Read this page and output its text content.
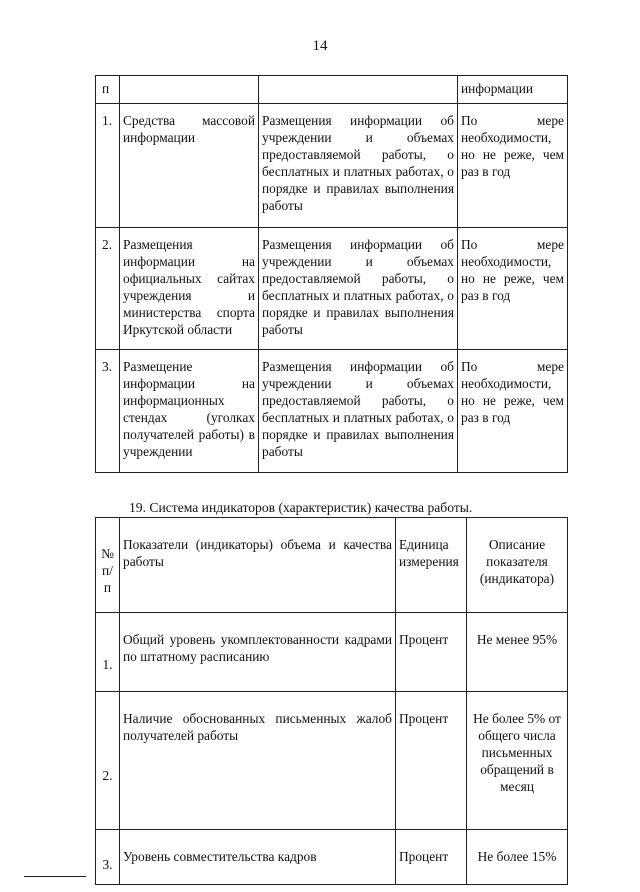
14
п			информации
1.	Средства массовой информации	Размещения информации об учреждении и объемах предоставляемой работы, о бесплатных и платных работах, о порядке и правилах выполнения работы	По мере необходимости, но не реже, чем раз в год
2.	Размещения информации на официальных сайтах учреждения и министерства спорта Иркутской области	Размещения информации об учреждении и объемах предоставляемой работы, о бесплатных и платных работах, о порядке и правилах выполнения работы	По мере необходимости, но не реже, чем раз в год
3.	Размещение информации на информационных стендах (уголках получателей работы) в учреждении	Размещения информации об учреждении и объемах предоставляемой работы, о бесплатных и платных работах, о порядке и правилах выполнения работы	По мере необходимости, но не реже, чем раз в год
19. Система индикаторов (характеристик) качества работы.
№ п/п	Показатели (индикаторы) объема и качества работы	Единица измерения	Описание показателя (индикатора)
1.	Общий уровень укомплектованности кадрами по штатному расписанию	Процент	Не менее 95%
2.	Наличие обоснованных письменных жалоб получателей работы	Процент	Не более 5% от общего числа письменных обращений в месяц
3.	Уровень совместительства кадров	Процент	Не более 15%
